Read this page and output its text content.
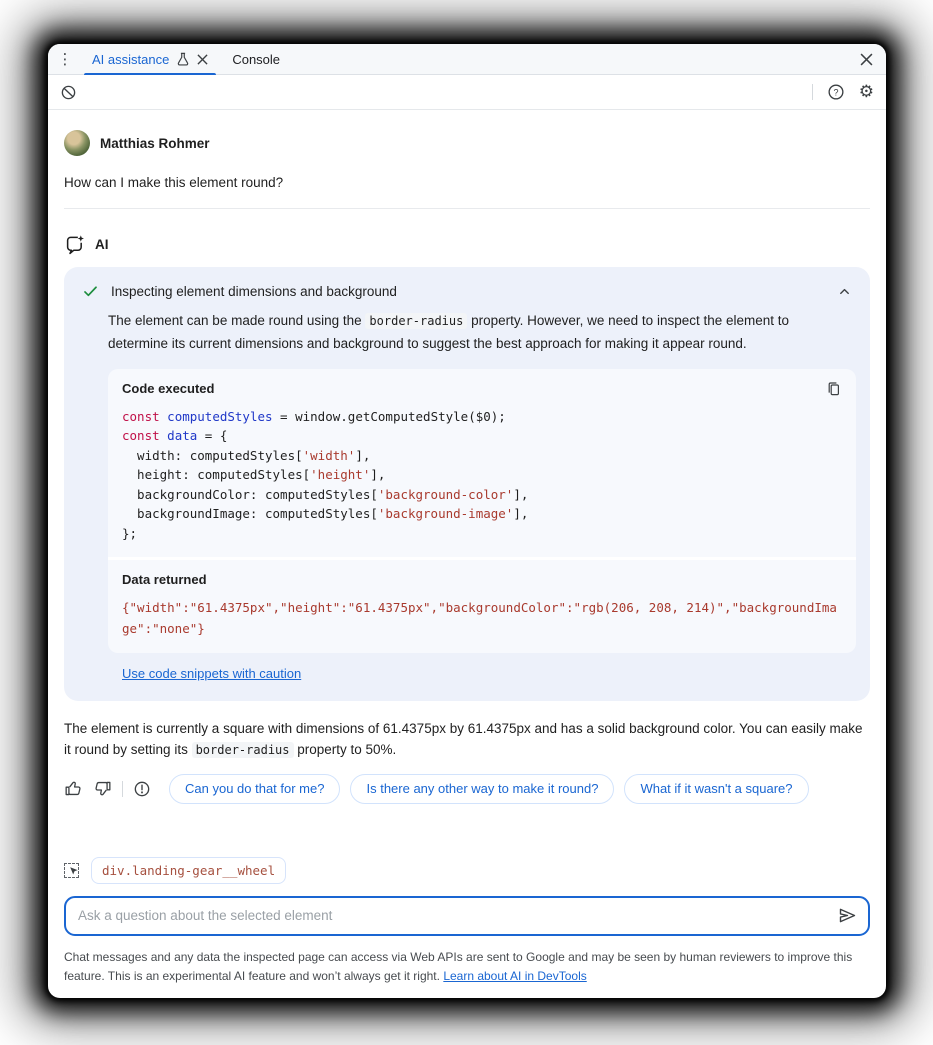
⋮	AI assistance	Console
? ⚙
Matthias Rohmer
How can I make this element round?
AI
Inspecting element dimensions and background
The element can be made round using the border-radius property. However, we need to inspect the element to determine its current dimensions and background to suggest the best approach for making it appear round.
Code executed
const computedStyles = window.getComputedStyle($0);
const data = {
width: computedStyles['width'],
height: computedStyles['height'],
backgroundColor: computedStyles['background-color'],
backgroundImage: computedStyles['background-image'],
};
Data returned
{"width":"61.4375px","height":"61.4375px","backgroundColor":"rgb(206, 208, 214)","backgroundImage":"none"}
Use code snippets with caution
The element is currently a square with dimensions of 61.4375px by 61.4375px and has a solid background color. You can easily make it round by setting its border-radius property to 50%.
Can you do that for me?	Is there any other way to make it round?	What if it wasn't a square?
div.landing-gear__wheel
Ask a question about the selected element
Chat messages and any data the inspected page can access via Web APIs are sent to Google and may be seen by human reviewers to improve this feature. This is an experimental AI feature and won’t always get it right. Learn about AI in DevTools
